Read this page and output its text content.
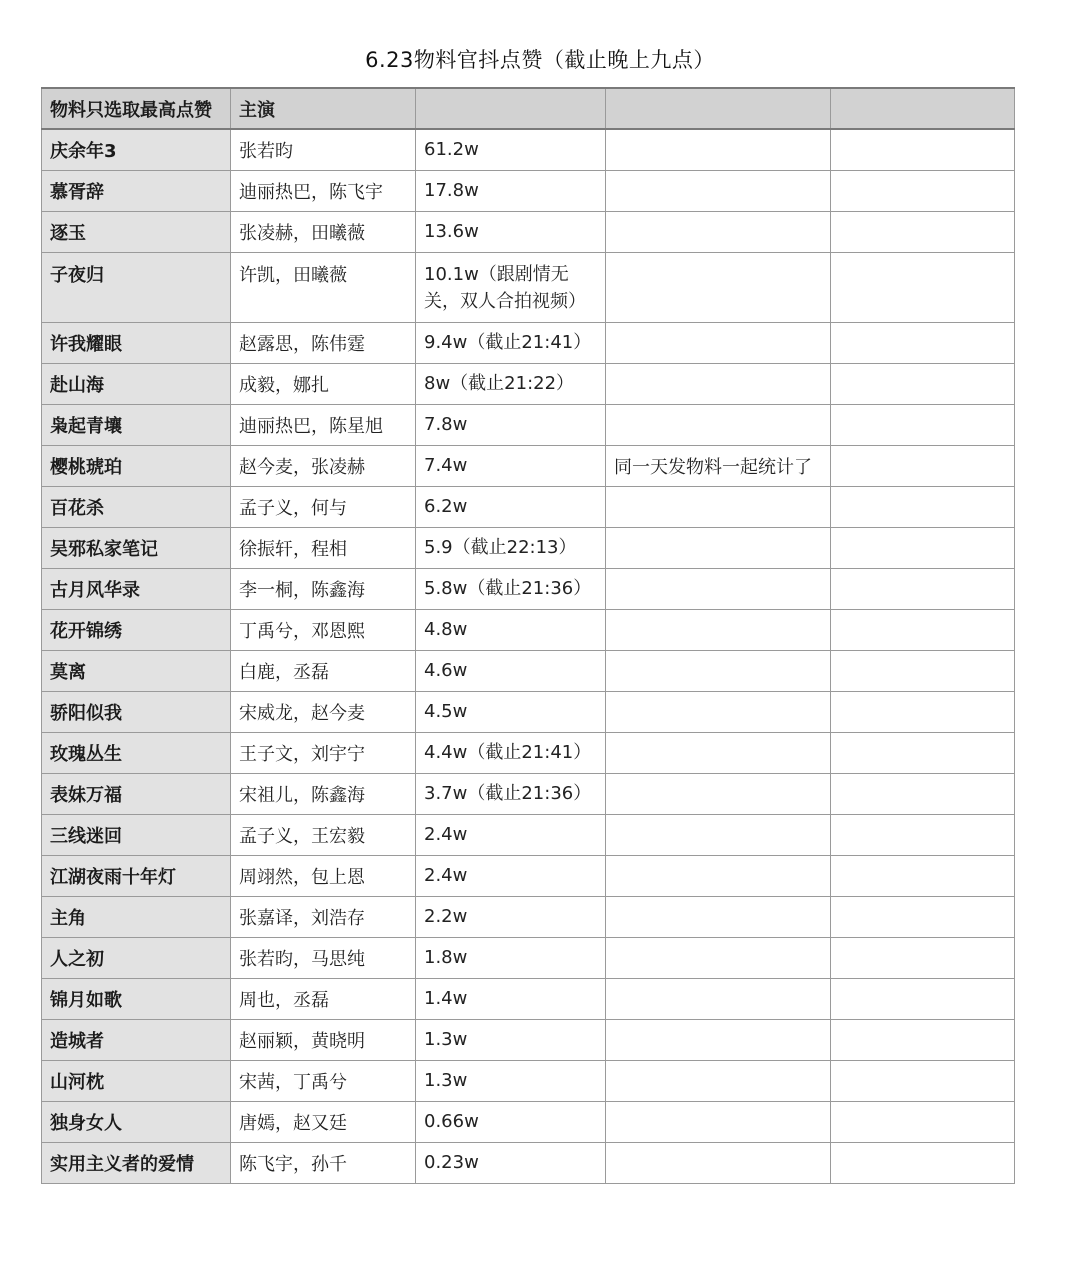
6.23物料官抖点赞（截止晚上九点）
物料只选取最高点赞	主演			
庆余年3	张若昀	61.2w		
慕胥辞	迪丽热巴，陈飞宇	17.8w		
逐玉	张凌赫，田曦薇	13.6w		
子夜归	许凯，田曦薇	10.1w（跟剧情无关，双人合拍视频）		
许我耀眼	赵露思，陈伟霆	9.4w（截止21:41）		
赴山海	成毅，娜扎	8w（截止21:22）		
枭起青壤	迪丽热巴，陈星旭	7.8w		
樱桃琥珀	赵今麦，张凌赫	7.4w	同一天发物料一起统计了	
百花杀	孟子义，何与	6.2w		
吴邪私家笔记	徐振轩，程相	5.9（截止22:13）		
古月风华录	李一桐，陈鑫海	5.8w（截止21:36）		
花开锦绣	丁禹兮，邓恩熙	4.8w		
莫离	白鹿，丞磊	4.6w		
骄阳似我	宋威龙，赵今麦	4.5w		
玫瑰丛生	王子文，刘宇宁	4.4w（截止21:41）		
表妹万福	宋祖儿，陈鑫海	3.7w（截止21:36）		
三线迷回	孟子义，王宏毅	2.4w		
江湖夜雨十年灯	周翊然，包上恩	2.4w		
主角	张嘉译，刘浩存	2.2w		
人之初	张若昀，马思纯	1.8w		
锦月如歌	周也，丞磊	1.4w		
造城者	赵丽颖，黄晓明	1.3w		
山河枕	宋茜，丁禹兮	1.3w		
独身女人	唐嫣，赵又廷	0.66w		
实用主义者的爱情	陈飞宇，孙千	0.23w		
